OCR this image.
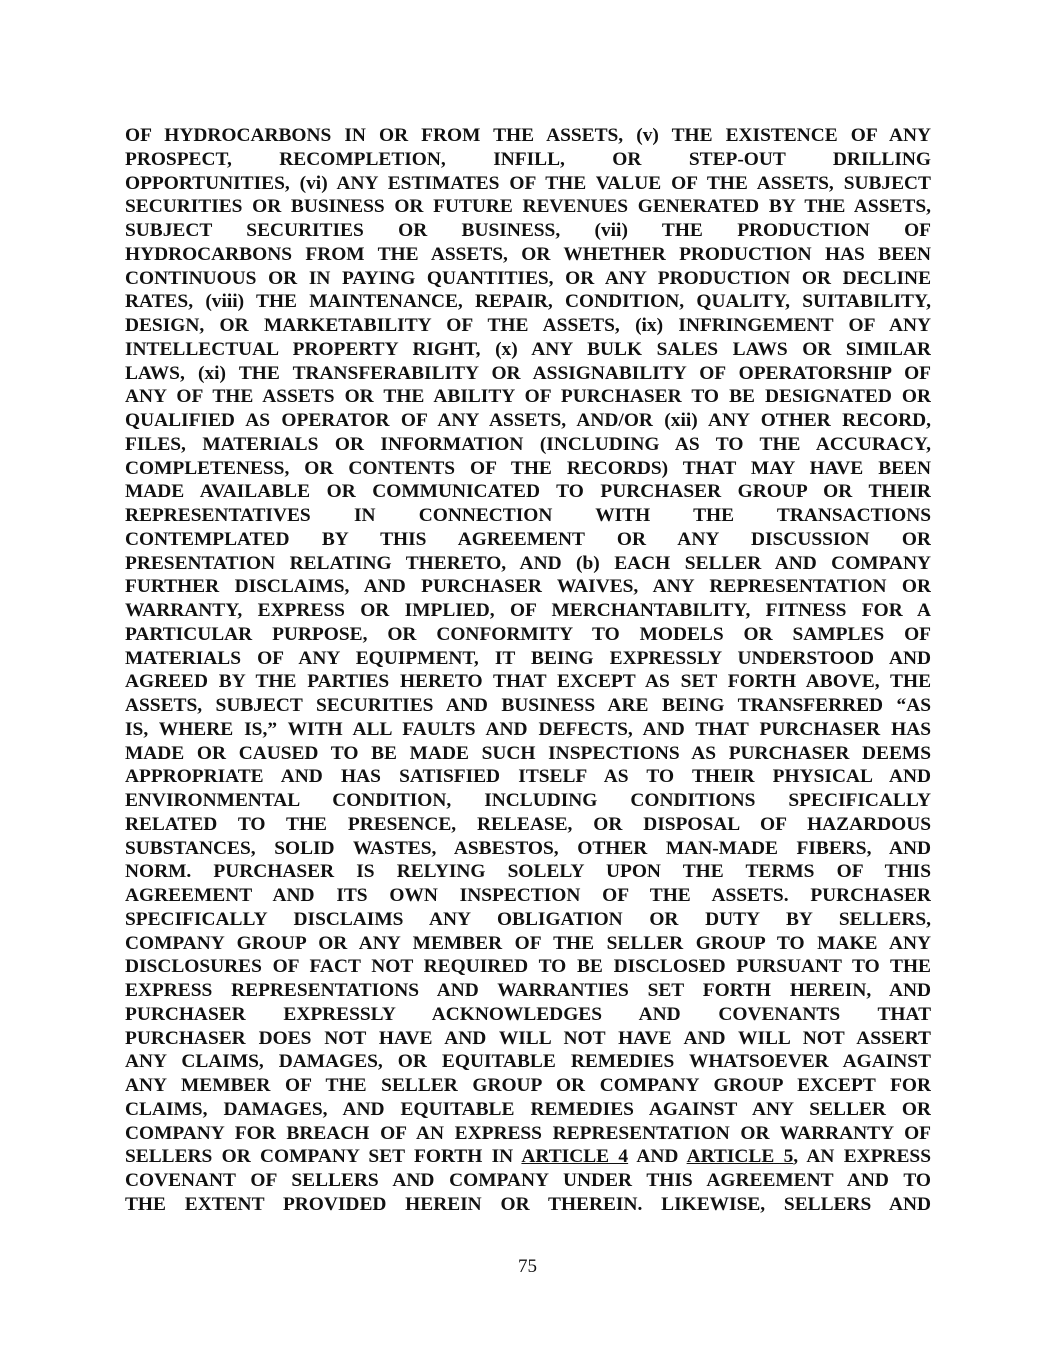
OF HYDROCARBONS IN OR FROM THE ASSETS, (v) THE EXISTENCE OF ANY
PROSPECT, RECOMPLETION, INFILL, OR STEP-OUT DRILLING
OPPORTUNITIES, (vi) ANY ESTIMATES OF THE VALUE OF THE ASSETS, SUBJECT
SECURITIES OR BUSINESS OR FUTURE REVENUES GENERATED BY THE ASSETS,
SUBJECT SECURITIES OR BUSINESS, (vii) THE PRODUCTION OF
HYDROCARBONS FROM THE ASSETS, OR WHETHER PRODUCTION HAS BEEN
CONTINUOUS OR IN PAYING QUANTITIES, OR ANY PRODUCTION OR DECLINE
RATES, (viii) THE MAINTENANCE, REPAIR, CONDITION, QUALITY, SUITABILITY,
DESIGN, OR MARKETABILITY OF THE ASSETS, (ix) INFRINGEMENT OF ANY
INTELLECTUAL PROPERTY RIGHT, (x) ANY BULK SALES LAWS OR SIMILAR
LAWS, (xi) THE TRANSFERABILITY OR ASSIGNABILITY OF OPERATORSHIP OF
ANY OF THE ASSETS OR THE ABILITY OF PURCHASER TO BE DESIGNATED OR
QUALIFIED AS OPERATOR OF ANY ASSETS, AND/OR (xii) ANY OTHER RECORD,
FILES, MATERIALS OR INFORMATION (INCLUDING AS TO THE ACCURACY,
COMPLETENESS, OR CONTENTS OF THE RECORDS) THAT MAY HAVE BEEN
MADE AVAILABLE OR COMMUNICATED TO PURCHASER GROUP OR THEIR
REPRESENTATIVES IN CONNECTION WITH THE TRANSACTIONS
CONTEMPLATED BY THIS AGREEMENT OR ANY DISCUSSION OR
PRESENTATION RELATING THERETO, AND (b) EACH SELLER AND COMPANY
FURTHER DISCLAIMS, AND PURCHASER WAIVES, ANY REPRESENTATION OR
WARRANTY, EXPRESS OR IMPLIED, OF MERCHANTABILITY, FITNESS FOR A
PARTICULAR PURPOSE, OR CONFORMITY TO MODELS OR SAMPLES OF
MATERIALS OF ANY EQUIPMENT, IT BEING EXPRESSLY UNDERSTOOD AND
AGREED BY THE PARTIES HERETO THAT EXCEPT AS SET FORTH ABOVE, THE
ASSETS, SUBJECT SECURITIES AND BUSINESS ARE BEING TRANSFERRED “AS
IS, WHERE IS,” WITH ALL FAULTS AND DEFECTS, AND THAT PURCHASER HAS
MADE OR CAUSED TO BE MADE SUCH INSPECTIONS AS PURCHASER DEEMS
APPROPRIATE AND HAS SATISFIED ITSELF AS TO THEIR PHYSICAL AND
ENVIRONMENTAL CONDITION, INCLUDING CONDITIONS SPECIFICALLY
RELATED TO THE PRESENCE, RELEASE, OR DISPOSAL OF HAZARDOUS
SUBSTANCES, SOLID WASTES, ASBESTOS, OTHER MAN-MADE FIBERS, AND
NORM. PURCHASER IS RELYING SOLELY UPON THE TERMS OF THIS
AGREEMENT AND ITS OWN INSPECTION OF THE ASSETS. PURCHASER
SPECIFICALLY DISCLAIMS ANY OBLIGATION OR DUTY BY SELLERS,
COMPANY GROUP OR ANY MEMBER OF THE SELLER GROUP TO MAKE ANY
DISCLOSURES OF FACT NOT REQUIRED TO BE DISCLOSED PURSUANT TO THE
EXPRESS REPRESENTATIONS AND WARRANTIES SET FORTH HEREIN, AND
PURCHASER EXPRESSLY ACKNOWLEDGES AND COVENANTS THAT
PURCHASER DOES NOT HAVE AND WILL NOT HAVE AND WILL NOT ASSERT
ANY CLAIMS, DAMAGES, OR EQUITABLE REMEDIES WHATSOEVER AGAINST
ANY MEMBER OF THE SELLER GROUP OR COMPANY GROUP EXCEPT FOR
CLAIMS, DAMAGES, AND EQUITABLE REMEDIES AGAINST ANY SELLER OR
COMPANY FOR BREACH OF AN EXPRESS REPRESENTATION OR WARRANTY OF
SELLERS OR COMPANY SET FORTH IN ARTICLE 4 AND ARTICLE 5, AN EXPRESS
COVENANT OF SELLERS AND COMPANY UNDER THIS AGREEMENT AND TO
THE EXTENT PROVIDED HEREIN OR THEREIN. LIKEWISE, SELLERS AND
75
